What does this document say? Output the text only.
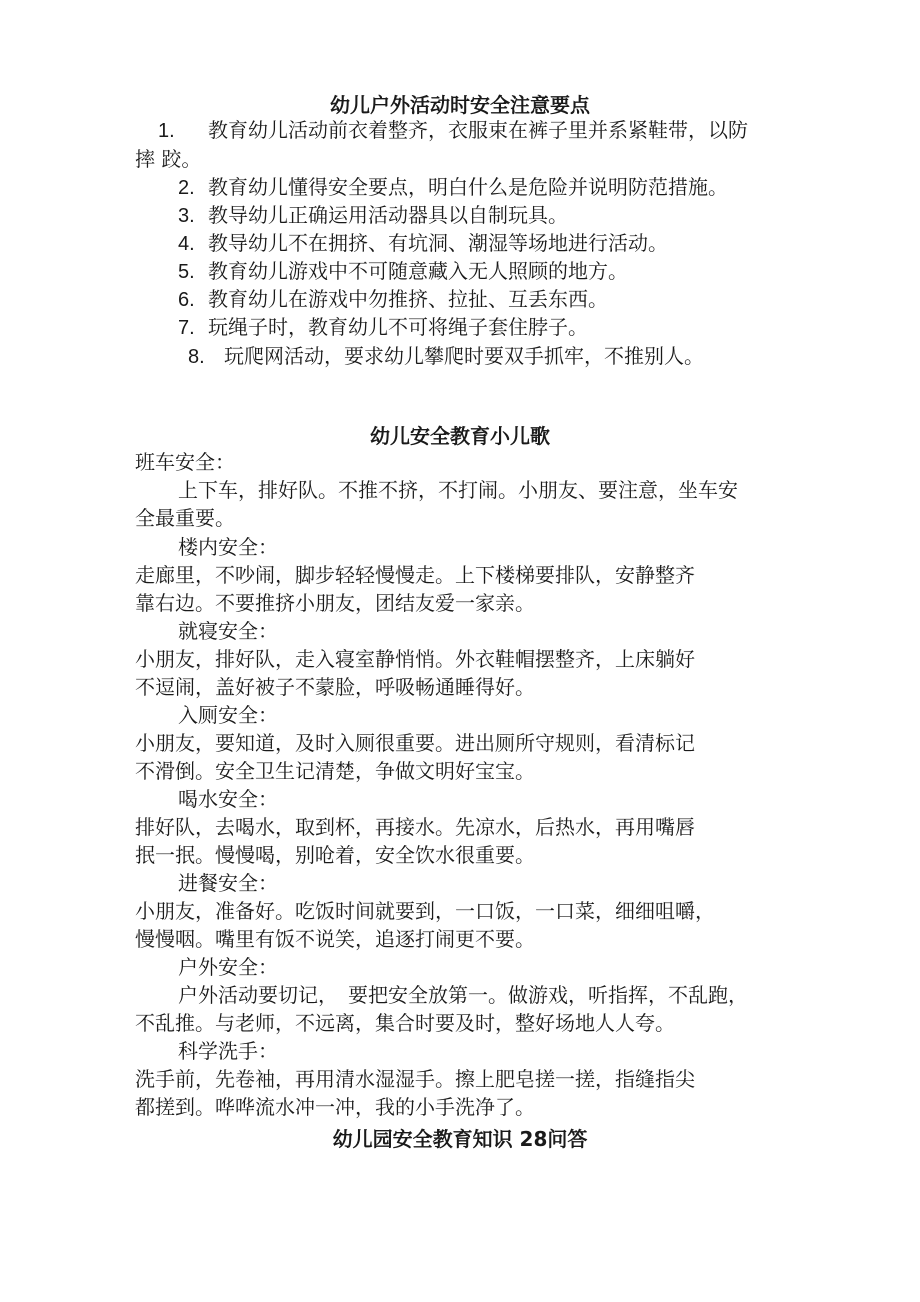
幼儿户外活动时安全注意要点
1. 教育幼儿活动前衣着整齐，衣服束在裤子里并系紧鞋带，以防
摔 跤。
2. 教育幼儿懂得安全要点，明白什么是危险并说明防范措施。
3. 教导幼儿正确运用活动器具以自制玩具。
4. 教导幼儿不在拥挤、有坑洞、潮湿等场地进行活动。
5. 教育幼儿游戏中不可随意藏入无人照顾的地方。
6. 教育幼儿在游戏中勿推挤、拉扯、互丢东西。
7. 玩绳子时，教育幼儿不可将绳子套住脖子。
8. 玩爬网活动，要求幼儿攀爬时要双手抓牢，不推别人。
幼儿安全教育小儿歌
班车安全：
上下车，排好队。不推不挤，不打闹。小朋友、要注意，坐车安
全最重要。
楼内安全：
走廊里，不吵闹，脚步轻轻慢慢走。上下楼梯要排队，安静整齐
靠右边。不要推挤小朋友，团结友爱一家亲。
就寝安全：
小朋友，排好队，走入寝室静悄悄。外衣鞋帽摆整齐，上床躺好
不逗闹，盖好被子不蒙脸，呼吸畅通睡得好。
入厕安全：
小朋友，要知道，及时入厕很重要。进出厕所守规则，看清标记
不滑倒。安全卫生记清楚，争做文明好宝宝。
喝水安全：
排好队，去喝水，取到杯，再接水。先凉水，后热水，再用嘴唇
抿一抿。慢慢喝，别呛着，安全饮水很重要。
进餐安全：
小朋友，准备好。吃饭时间就要到，一口饭，一口菜，细细咀嚼，
慢慢咽。嘴里有饭不说笑，追逐打闹更不要。
户外安全：
户外活动要切记，　要把安全放第一。做游戏，听指挥，不乱跑，
不乱推。与老师，不远离，集合时要及时，整好场地人人夸。
科学洗手：
洗手前，先卷袖，再用清水湿湿手。擦上肥皂搓一搓，指缝指尖
都搓到。哗哗流水冲一冲，我的小手洗净了。
幼儿园安全教育知识 28问答
